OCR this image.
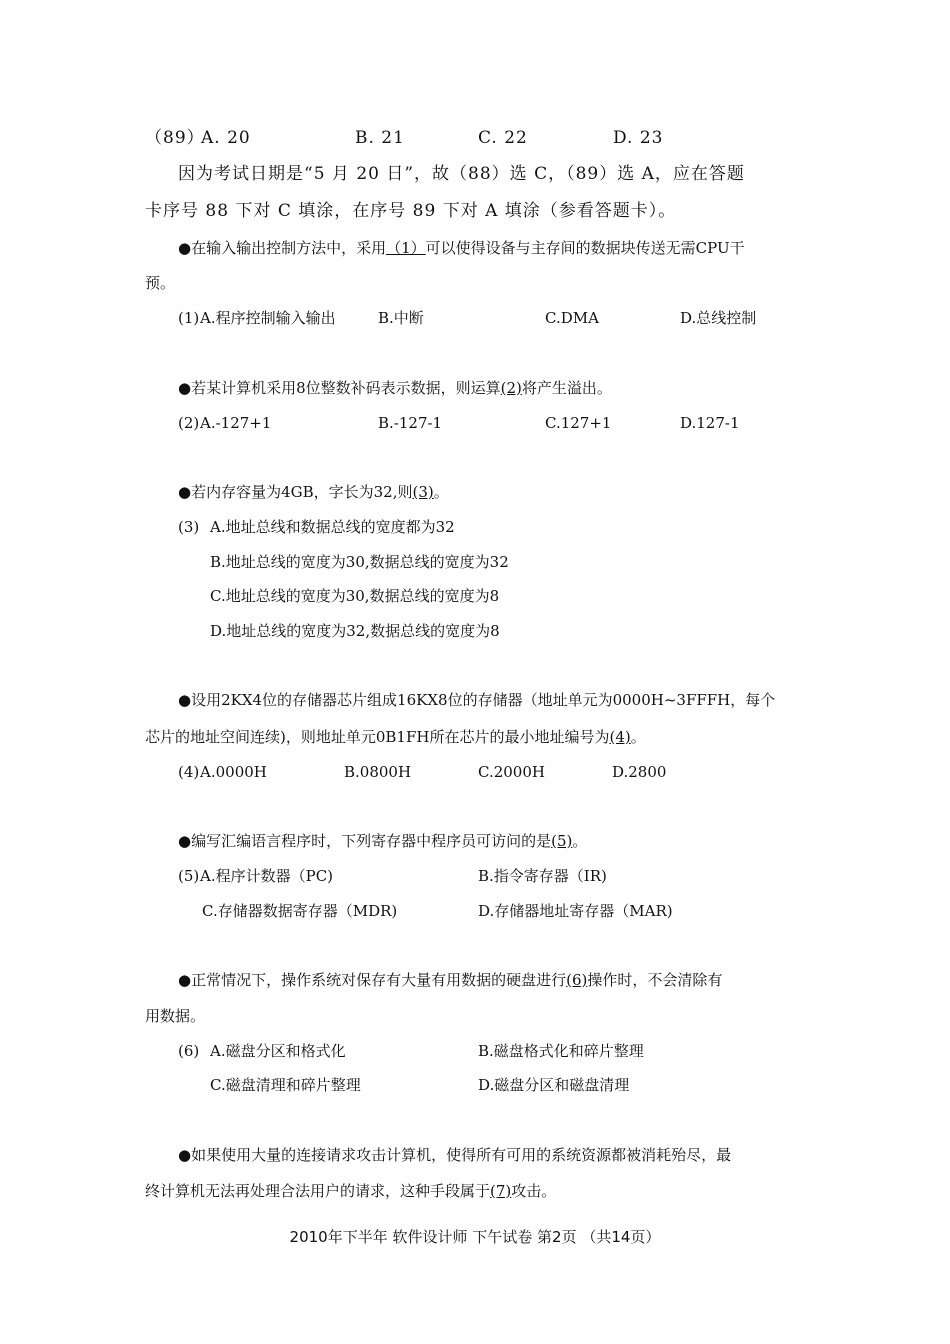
（89）
A. 20	B. 21	C. 22	D. 23
因为考试日期是“5 月 20 日”，故（88）选 C，（89）选 A，应在答题
卡序号 88 下对 C 填涂，在序号 89 下对 A 填涂（参看答题卡）。
●在输入输出控制方法中，采用（1）可以使得设备与主存间的数据块传送无需CPU干
预。
(1) A.程序控制输入输出	B.中断	C.DMA	D.总线控制
●若某计算机采用8位整数补码表示数据，则运算(2)将产生溢出。
(2) A.-127+1	B.-127-1	C.127+1	D.127-1
●若内存容量为4GB，字长为32,则(3)。
(3) A.地址总线和数据总线的宽度都为32
B.地址总线的宽度为30,数据总线的宽度为32
C.地址总线的宽度为30,数据总线的宽度为8
D.地址总线的宽度为32,数据总线的宽度为8
●设用2KX4位的存储器芯片组成16KX8位的存储器（地址单元为0000H~3FFFH，每个
芯片的地址空间连续)，则地址单元0B1FH所在芯片的最小地址编号为(4)。
(4) A.0000H	B.0800H	C.2000H	D.2800
●编写汇编语言程序时，下列寄存器中程序员可访问的是(5)。
(5) A.程序计数器（PC)	B.指令寄存器（IR)
C.存储器数据寄存器（MDR)	D.存储器地址寄存器（MAR)
●正常情况下，操作系统对保存有大量有用数据的硬盘进行(6)操作时，不会清除有
用数据。
(6) A.磁盘分区和格式化	B.磁盘格式化和碎片整理
C.磁盘清理和碎片整理	D.磁盘分区和磁盘清理
●如果使用大量的连接请求攻击计算机，使得所有可用的系统资源都被消耗殆尽，最
终计算机无法再处理合法用户的请求，这种手段属于(7)攻击。
2010年下半年 软件设计师 下午试卷 第2页 （共14页）
